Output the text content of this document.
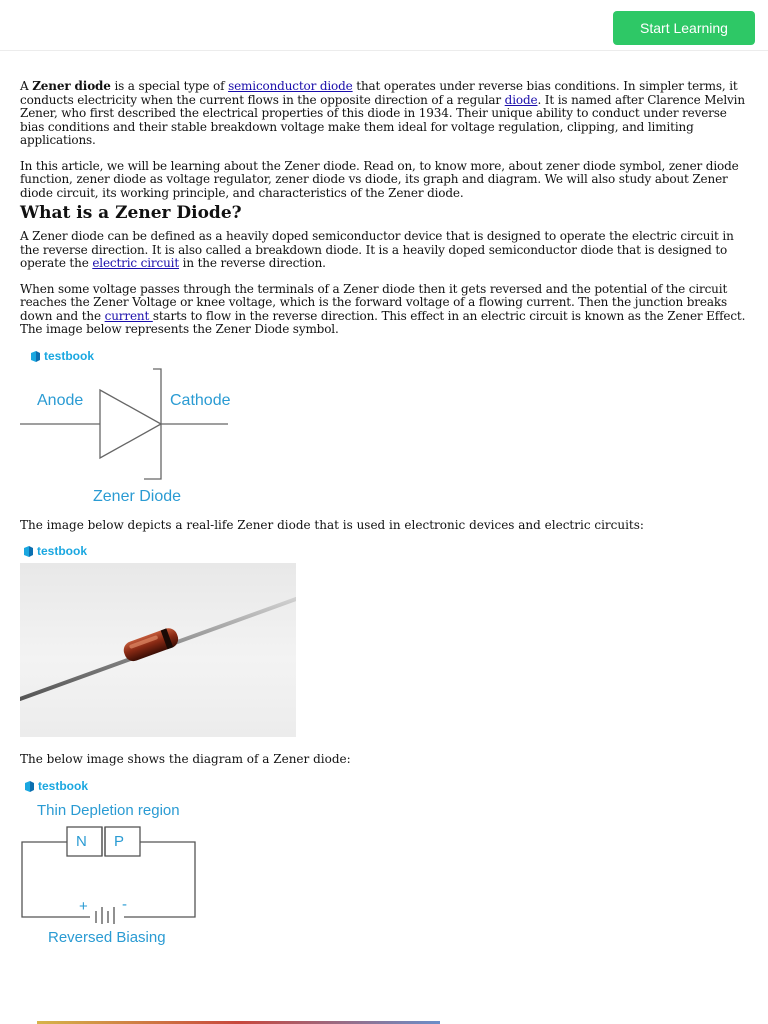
Start Learning

A Zener diode is a special type of semiconductor diode that operates under reverse bias conditions. In simpler terms, it conducts electricity when the current flows in the opposite direction of a regular diode. It is named after Clarence Melvin Zener, who first described the electrical properties of this diode in 1934. Their unique ability to conduct under reverse bias conditions and their stable breakdown voltage make them ideal for voltage regulation, clipping, and limiting applications.

In this article, we will be learning about the Zener diode. Read on, to know more, about zener diode symbol, zener diode function, zener diode as voltage regulator, zener diode vs diode, its graph and diagram. We will also study about Zener diode circuit, its working principle, and characteristics of the Zener diode.

What is a Zener Diode?

A Zener diode can be defined as a heavily doped semiconductor device that is designed to operate the electric circuit in the reverse direction. It is also called a breakdown diode. It is a heavily doped semiconductor diode that is designed to operate the electric circuit in the reverse direction.

When some voltage passes through the terminals of a Zener diode then it gets reversed and the potential of the circuit reaches the Zener Voltage or knee voltage, which is the forward voltage of a flowing current. Then the junction breaks down and the current starts to flow in the reverse direction. This effect in an electric circuit is known as the Zener Effect. The image below represents the Zener Diode symbol.

testbook
Anode	Cathode
Zener Diode

The image below depicts a real-life Zener diode that is used in electronic devices and electric circuits:

testbook

The below image shows the diagram of a Zener diode:

testbook
Thin Depletion region
N P
+ -
Reversed Biasing
